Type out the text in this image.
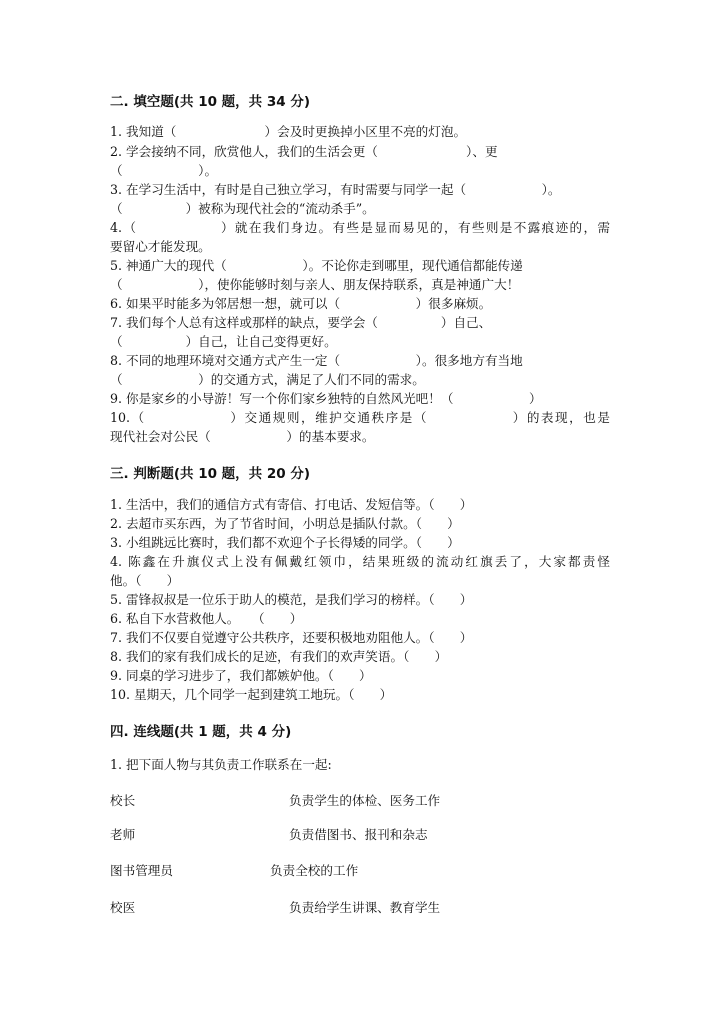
二. 填空题(共 10 题，共 34 分)
1. 我知道（　　　　　　　）会及时更换掉小区里不亮的灯泡。
2. 学会接纳不同，欣赏他人，我们的生活会更（　　　　　　　）、更
（　　　　　　）。
3. 在学习生活中，有时是自己独立学习，有时需要与同学一起（　　　　　　）。
（　　　　　）被称为现代社会的“流动杀手”。
4.（　　　　　　）就在我们身边。有些是显而易见的，有些则是不露痕迹的，需
要留心才能发现。
5. 神通广大的现代（　　　　　　）。不论你走到哪里，现代通信都能传递
（　　　　　　），使你能够时刻与亲人、朋友保持联系，真是神通广大！
6. 如果平时能多为邻居想一想，就可以（　　　　　　）很多麻烦。
7. 我们每个人总有这样或那样的缺点，要学会（　　　　　）自己、
（　　　　　）自己，让自己变得更好。
8. 不同的地理环境对交通方式产生一定（　　　　　　）。很多地方有当地
（　　　　　　）的交通方式，满足了人们不同的需求。
9. 你是家乡的小导游！写一个你们家乡独特的自然风光吧！（　　　　　　）
10.（　　　　　　）交通规则，维护交通秩序是（　　　　　　）的表现，也是
现代社会对公民（　　　　　　）的基本要求。
三. 判断题(共 10 题，共 20 分)
1. 生活中，我们的通信方式有寄信、打电话、发短信等。（　　）
2. 去超市买东西，为了节省时间，小明总是插队付款。（　　）
3. 小组跳远比赛时，我们都不欢迎个子长得矮的同学。（　　）
4. 陈鑫在升旗仪式上没有佩戴红领巾，结果班级的流动红旗丢了，大家都责怪
他。（　　）
5. 雷锋叔叔是一位乐于助人的模范，是我们学习的榜样。（　　）
6. 私自下水营救他人。　　（　　）
7. 我们不仅要自觉遵守公共秩序，还要积极地劝阻他人。（　　）
8. 我们的家有我们成长的足迹，有我们的欢声笑语。（　　）
9. 同桌的学习进步了，我们都嫉妒他。（　　）
10. 星期天，几个同学一起到建筑工地玩。（　　）
四. 连线题(共 1 题，共 4 分)
1. 把下面人物与其负责工作联系在一起:
校长	负责学生的体检、医务工作
老师	负责借图书、报刊和杂志
图书管理员	负责全校的工作
校医	负责给学生讲课、教育学生
